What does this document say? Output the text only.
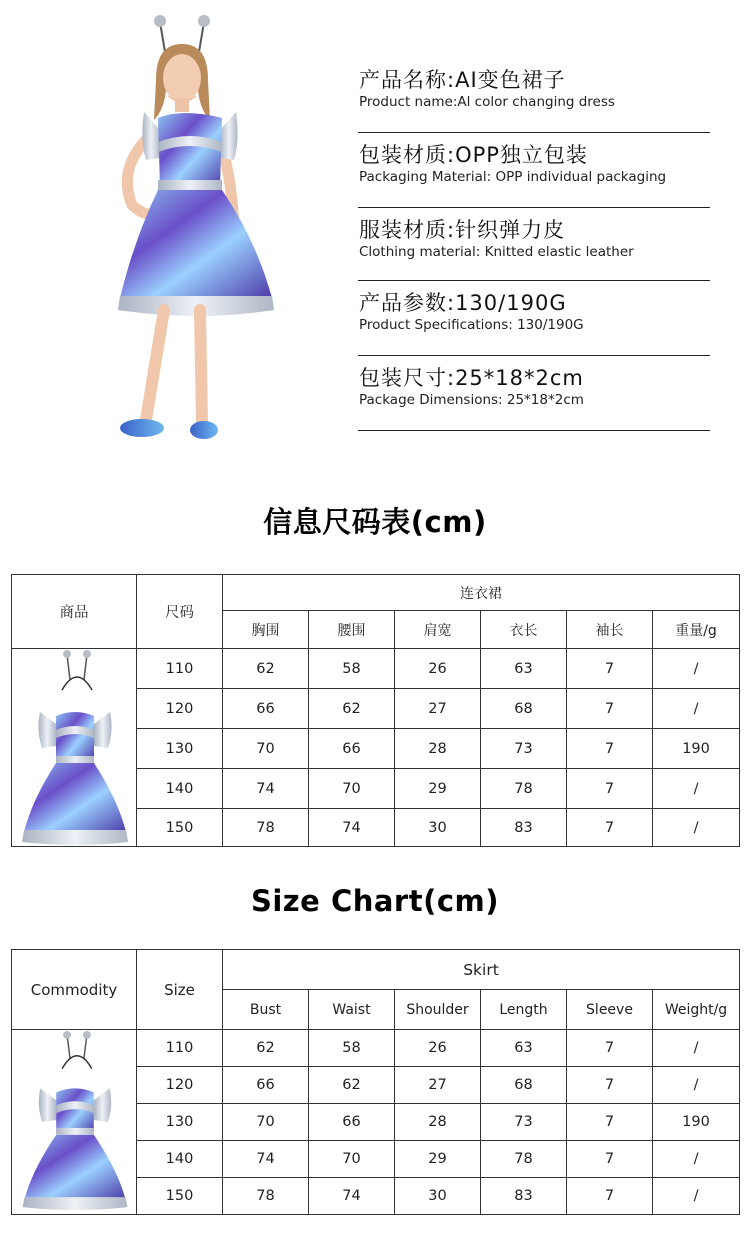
产品名称:AI变色裙子
Product name:Al color changing dress
包装材质:OPP独立包装
Packaging Material: OPP individual packaging
服装材质:针织弹力皮
Clothing material: Knitted elastic leather
产品参数:130/190G
Product Specifications: 130/190G
包装尺寸:25*18*2cm
Package Dimensions: 25*18*2cm
信息尺码表(cm)
商品	尺码	连衣裙					
		胸围	腰围	肩宽	衣长	袖长	重量/g

	110	62	58	26	63	7	/
	120	66	62	27	68	7	/
	130	70	66	28	73	7	190
	140	74	70	29	78	7	/
	150	78	74	30	83	7	/
Size Chart(cm)
Commodity	Size	Skirt					
		Bust	Waist	Shoulder	Length	Sleeve	Weight/g

	110	62	58	26	63	7	/
	120	66	62	27	68	7	/
	130	70	66	28	73	7	190
	140	74	70	29	78	7	/
	150	78	74	30	83	7	/
